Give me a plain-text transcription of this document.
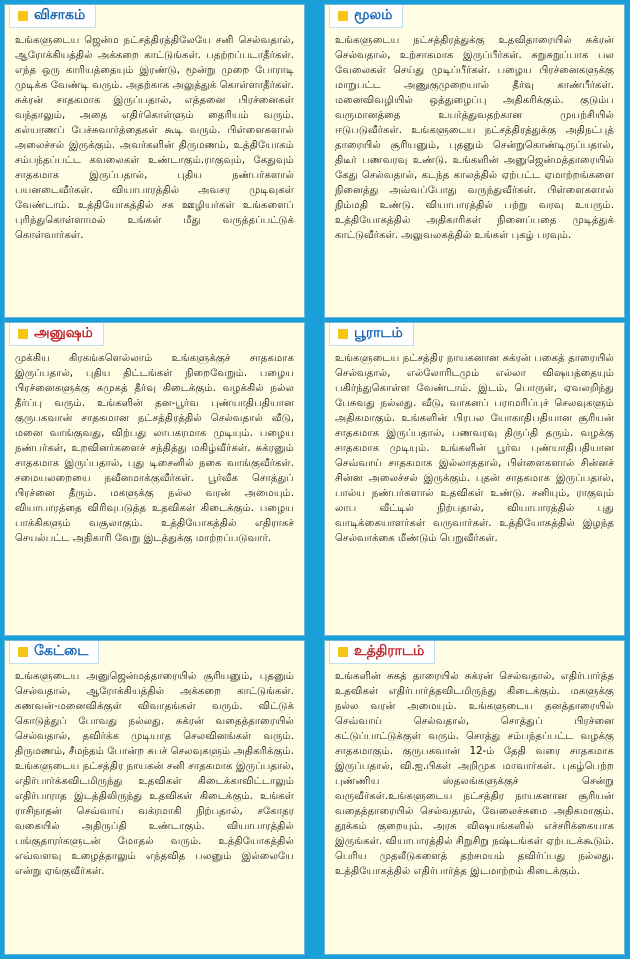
விசாகம்

உங்களுடைய ஜென்ம நட்சத்திரத்திலேயே சனி செல்வதால், ஆரோக்கியத்தில் அக்கறை காட்டுங்கள். பதற்றப்படாதீர்கள். எந்த ஒரு காரியத்தையும் இரண்டு, மூன்று முறை போராடி முடிக்க வேண்டி வரும். அதற்காக அலுத்துக் கொள்ளாதீர்கள். சுக்ரன் சாதகமாக இருப்பதால், எத்தனை பிரச்னைகள் வந்தாலும், அதை எதிர்கொள்ளும் தைரியம் வரும். கல்யாணப் பேச்சுவார்த்தைகள் கூடி வரும். பிள்ளைகளால் அலைச்சல் இருக்கும். அவர்களின் திருமணம், உத்தியோகம் சம்பந்தப்பட்ட கவலைகள் உண்டாகும்.ராகுவும், கேதுவும் சாதகமாக இருப்பதால், புதிய நண்பர்களால் பயனடைவீர்கள். வியாபாரத்தில் அவசர முடிவுகள் வேண்டாம். உத்தியோகத்தில் சக ஊழியர்கள் உங்களைப் புரிந்துகொள்ளாமல் உங்கள் மீது வருத்தப்பட்டுக் கொள்வார்கள்.

மூலம்

உங்களுடைய நட்சத்திரத்துக்கு உதவிதாரையில் சுக்ரன் செல்வதால், உற்சாகமாக இருப்பீர்கள். சுறுசுறுப்பாக பல வேலைகள் செய்து முடிப்பீர்கள். பழைய பிரச்னைகளுக்கு மாறுபட்ட அணுகுமுறையால் தீர்வு காண்பீர்கள். மனைவிவழியில் ஒத்துழைப்பு அதிகரிக்கும். குடும்ப வருமானத்தை உயர்த்துவதற்கான முயற்சியில் ஈடுபடுவீர்கள். உங்களுடைய நட்சத்திரத்துக்கு அதிநட்புத் தாரையில் சூரியனும், புதனும் சென்றுகொண்டிருப்பதால், திடீர் பணவரவு உண்டு. உங்களின் அனுஜென்மத்தாரையில் கேது செல்வதால், கடந்த காலத்தில் ஏற்பட்ட ஏமாற்றங்களை நினைத்து அவ்வப்போது வருந்துவீர்கள். பிள்ளைகளால் நிம்மதி உண்டு. வியாபாரத்தில் பற்று வரவு உயரும். உத்தியோகத்தில் அதிகாரிகள் நினைப்பதை முடித்துக் காட்டுவீர்கள். அலுவலகத்தில் உங்கள் புகழ் பரவும்.

அனுஷம்

முக்கிய கிரகங்களெல்லாம் உங்களுக்குச் சாதகமாக இருப்பதால், புதிய திட்டங்கள் நிறைவேறும். பழைய பிரச்னைகளுக்கு சுமுகத் தீர்வு கிடைக்கும். வழக்கில் நல்ல தீர்ப்பு வரும். உங்களின் தன-பூர்வ புண்யாதிபதியான குருபகவான் சாதகமான நட்சத்திரத்தில் செல்வதால் வீடு, மனை வாங்குவது, விற்பது லாபகரமாக முடியும். பழைய நண்பர்கள், உறவினர்களைச் சந்தித்து மகிழ்வீர்கள். சுக்ரனும் சாதகமாக இருப்பதால், புது டிசைனில் நகை வாங்குவீர்கள். சமையலறையை நவீனமாக்குவீர்கள். பூர்வீக சொத்துப் பிரச்னை தீரும். மகளுக்கு நல்ல வரன் அமையும். வியாபாரத்தை விரிவுபடுத்த உதவிகள் கிடைக்கும். பழைய பாக்கிகளும் வசூலாகும். உத்தியோகத்தில் எதிராகச் செயல்பட்ட அதிகாரி வேறு இடத்துக்கு மாற்றப்படுவார்.

பூராடம்

உங்களுடைய நட்சத்திர நாயகனான சுக்ரன் பகைத் தாரையில் செல்வதால், எல்லோரிடமும் எல்லா விஷயத்தையும் பகிர்ந்துகொள்ள வேண்டாம். இடம், பொருள், ஏவலறிந்து பேசுவது நல்லது. வீடு, வாகனப் பராமரிப்புச் செலவுகளும் அதிகமாகும். உங்களின் பிரபல யோகாதிபதியான சூரியன் சாதகமாக இருப்பதால், பணவரவு திருப்தி தரும். வழக்கு சாதகமாக முடியும். உங்களின் பூர்வ புண்யாதிபதியான செவ்வாய் சாதகமாக இல்லாததால், பிள்ளைகளால் சின்னச் சின்ன அலைச்சல் இருக்கும். புதன் சாதகமாக இருப்பதால், பால்ய நண்பர்களால் உதவிகள் உண்டு. சனியும், ராகுவும் லாப வீட்டில் நிற்பதால், வியாபாரத்தில் புது வாடிக்கையாளர்கள் வருவார்கள். உத்தியோகத்தில் இழந்த செல்வாக்கை மீண்டும் பெறுவீர்கள்.

கேட்டை

உங்களுடைய அனுஜென்மத்தாரையில் சூரியனும், புதனும் செல்வதால், ஆரோக்கியத்தில் அக்கறை காட்டுங்கள். கணவன்-மனைவிக்குள் விவாதங்கள் வரும். விட்டுக் கொடுத்துப் போவது நல்லது. சுக்ரன் வதைத்தாரையில் செல்வதால், தவிர்க்க முடியாத செலவினங்கள் வரும். திருமணம், சீமந்தம் போன்ற சுபச் செலவுகளும் அதிகரிக்கும். உங்களுடைய நட்சத்திர நாயகன் சனி சாதகமாக இருப்பதால், எதிர்பார்க்கவிடமிருந்து உதவிகள் கிடைக்காவிட்டாலும் எதிர்பாராத இடத்திலிருந்து உதவிகள் கிடைக்கும். உங்கள் ராசிநாதன் செவ்வாய் வக்ரமாகி நிற்பதால், சகோதர வகையில் அதிருப்தி உண்டாகும். வியாபாரத்தில் பங்குதாரர்களுடன் மோதல் வரும். உத்தியோகத்தில் எவ்வளவு உழைத்தாலும் எந்தவித பலனும் இல்லையே என்று ஏங்குவீர்கள்.

உத்திராடம்

உங்களின் சுகத் தாரையில் சுக்ரன் செல்வதால், எதிர்பார்த்த உதவிகள் எதிர்பார்த்தவிடமிருந்து கிடைக்கும். மகளுக்கு நல்ல வரன் அமையும். உங்களுடைய தனத்தாரையில் செவ்வாய் செல்வதால், சொத்துப் பிரச்னை கட்டுப்பாட்டுக்குள் வரும். சொத்து சம்பந்தப்பட்ட வழக்கு சாதகமாகும். குருபகவான் 12-ம் தேதி வரை சாதகமாக இருப்பதால், வி.ஐ.பிகள் அறிமுக மாவார்கள். புகழ்பெற்ற புண்ணிய ஸ்தலங்களுக்குச் சென்று வருவீர்கள்.உங்களுடைய நட்சத்திர நாயகனான சூரியன் வதைத்தாரையில் செல்வதால், வேலைச்சுமை அதிகமாகும். தூக்கம் குறையும். அரசு விஷயங்களில் எச்சரிக்கையாக இருங்கள். வியாபாரத்தில் சிறுசிறு நஷ்டங்கள் ஏற்படக்கூடும். பெரிய முதலீடுகளைத் தற்சமயம் தவிர்ப்பது நல்லது. உத்தியோகத்தில் எதிர்பார்த்த இடமாற்றம் கிடைக்கும்.
